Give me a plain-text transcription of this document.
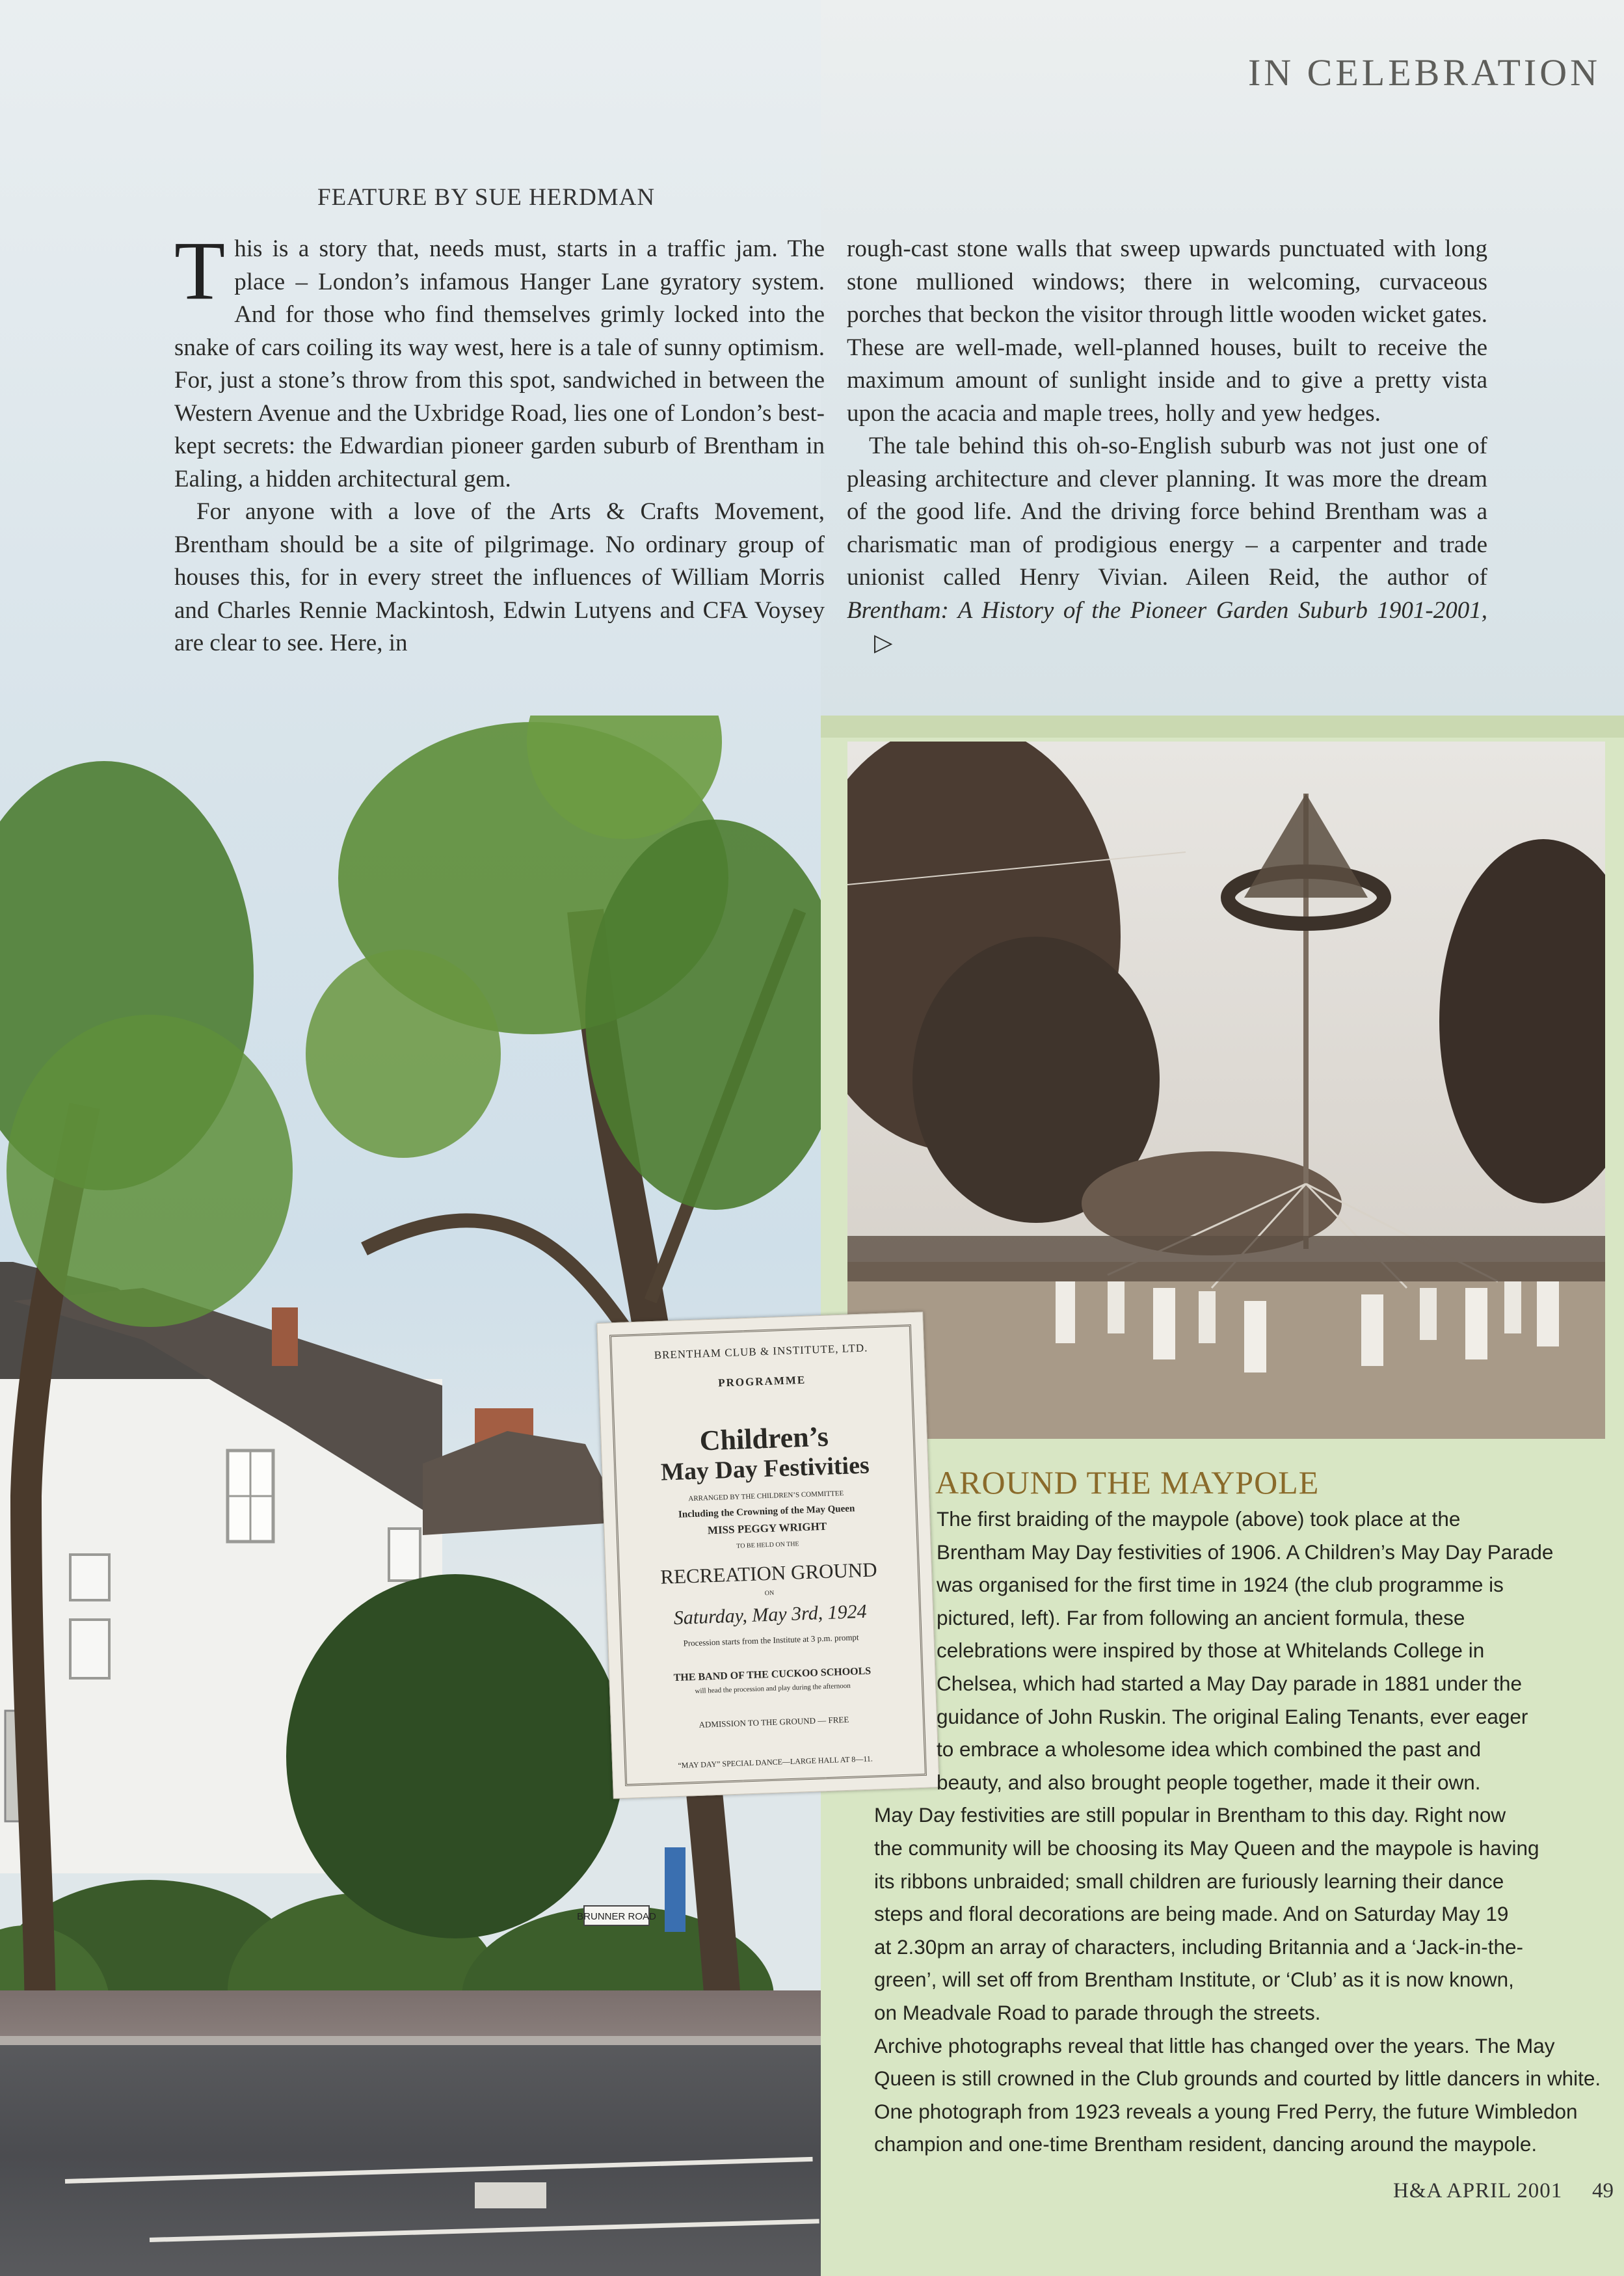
IN CELEBRATION
FEATURE BY SUE HERDMAN

This is a story that, needs must, starts in a traffic jam. The place – London’s infamous Hanger Lane gyratory system. And for those who find themselves grimly locked into the snake of cars coiling its way west, here is a tale of sunny optimism. For, just a stone’s throw from this spot, sandwiched in between the Western Avenue and the Uxbridge Road, lies one of London’s best-kept secrets: the Edwardian pioneer garden suburb of Brentham in Ealing, a hidden architectural gem.

For anyone with a love of the Arts & Crafts Movement, Brentham should be a site of pilgrimage. No ordinary group of houses this, for in every street the influences of William Morris and Charles Rennie Mackintosh, Edwin Lutyens and CFA Voysey are clear to see. Here, in

rough-cast stone walls that sweep upwards punctuated with long stone mullioned windows; there in welcoming, curvaceous porches that beckon the visitor through little wooden wicket gates. These are well-made, well-planned houses, built to receive the maximum amount of sunlight inside and to give a pretty vista upon the acacia and maple trees, holly and yew hedges.

The tale behind this oh-so-English suburb was not just one of pleasing architecture and clever planning. It was more the dream of the good life. And the driving force behind Brentham was a charismatic man of prodigious energy – a carpenter and trade unionist called Henry Vivian. Aileen Reid, the author of Brentham: A History of the Pioneer Garden Suburb 1901-2001,▷

BRUNNER ROAD
BRENTHAM CLUB & INSTITUTE, LTD.
PROGRAMME
Children’s
May Day Festivities
ARRANGED BY THE CHILDREN’S COMMITTEE
Including the Crowning of the May Queen
MISS PEGGY WRIGHT
TO BE HELD ON THE
RECREATION GROUND
ON
Saturday, May 3rd, 1924
Procession starts from the Institute at 3 p.m. prompt
THE BAND OF THE CUCKOO SCHOOLS
will head the procession and play during the afternoon
ADMISSION TO THE GROUND — FREE
“MAY DAY” SPECIAL DANCE—LARGE HALL AT 8—11.
AROUND THE MAYPOLE

The first braiding of the maypole (above) took place at the
Brentham May Day festivities of 1906. A Children’s May Day Parade
was organised for the first time in 1924 (the club programme is
pictured, left). Far from following an ancient formula, these
celebrations were inspired by those at Whitelands College in
Chelsea, which had started a May Day parade in 1881 under the
guidance of John Ruskin. The original Ealing Tenants, ever eager
to embrace a wholesome idea which combined the past and
beauty, and also brought people together, made it their own.

May Day festivities are still popular in Brentham to this day. Right now
the community will be choosing its May Queen and the maypole is having
its ribbons unbraided; small children are furiously learning their dance
steps and floral decorations are being made. And on Saturday May 19
at 2.30pm an array of characters, including Britannia and a ‘Jack-in-the-
green’, will set off from Brentham Institute, or ‘Club’ as it is now known,
on Meadvale Road to parade through the streets.

Archive photographs reveal that little has changed over the years. The May
Queen is still crowned in the Club grounds and courted by little dancers in white.
One photograph from 1923 reveals a young Fred Perry, the future Wimbledon
champion and one-time Brentham resident, dancing around the maypole.

H&A APRIL 2001 49
